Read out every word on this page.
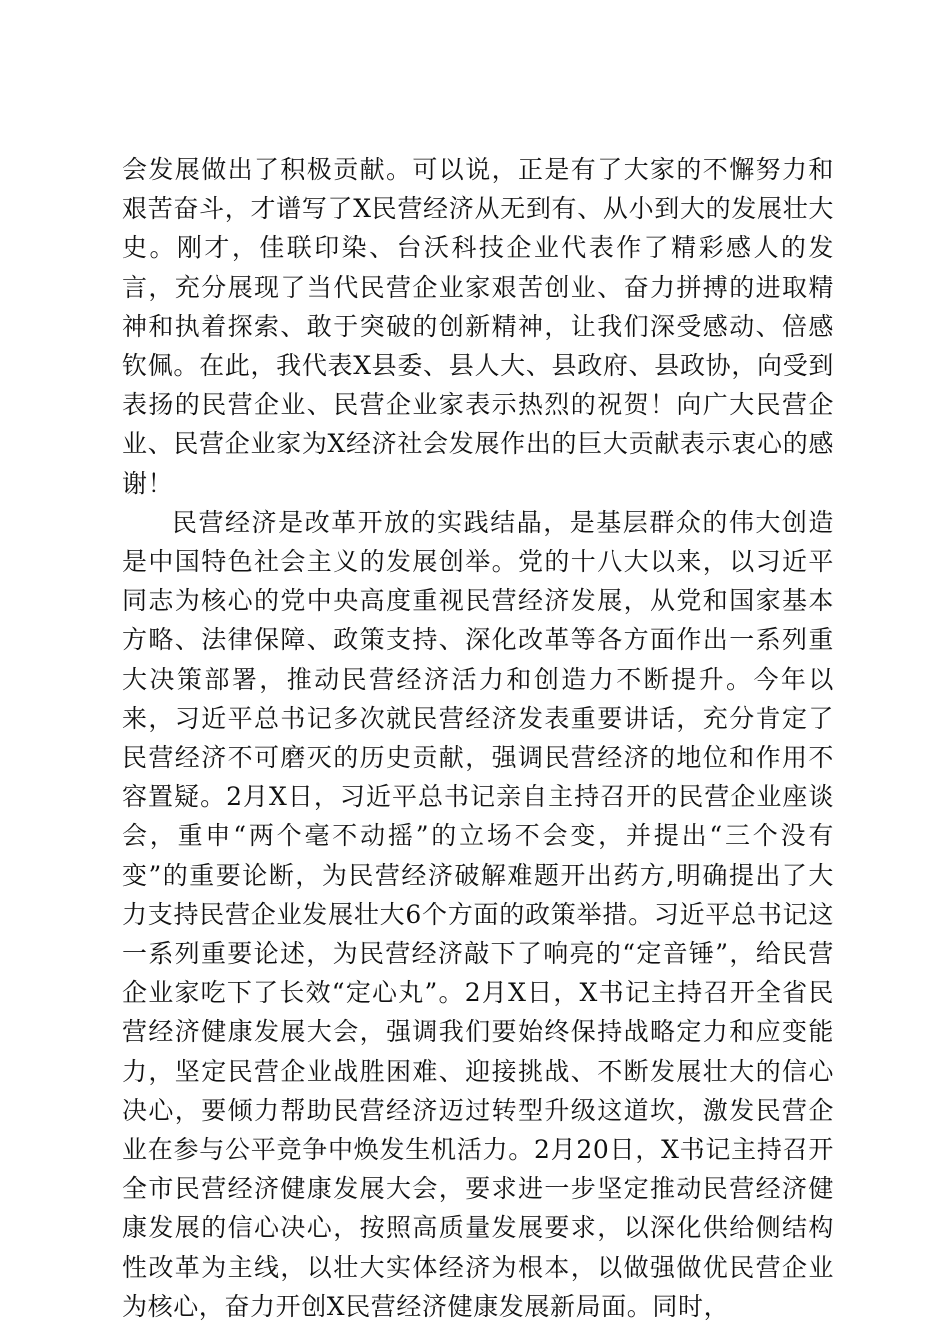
会发展做出了积极贡献。可以说，正是有了大家的不懈努力和艰苦奋斗，才谱写了X民营经济从无到有、从小到大的发展壮大史。刚才，佳联印染、台沃科技企业代表作了精彩感人的发言，充分展现了当代民营企业家艰苦创业、奋力拼搏的进取精神和执着探索、敢于突破的创新精神，让我们深受感动、倍感钦佩。在此，我代表X县委、县人大、县政府、县政协，向受到表扬的民营企业、民营企业家表示热烈的祝贺！向广大民营企业、民营企业家为X经济社会发展作出的巨大贡献表示衷心的感谢！

民营经济是改革开放的实践结晶，是基层群众的伟大创造是中国特色社会主义的发展创举。党的十八大以来，以习近平同志为核心的党中央高度重视民营经济发展，从党和国家基本方略、法律保障、政策支持、深化改革等各方面作出一系列重大决策部署，推动民营经济活力和创造力不断提升。今年以来，习近平总书记多次就民营经济发表重要讲话，充分肯定了民营经济不可磨灭的历史贡献，强调民营经济的地位和作用不容置疑。2月X日，习近平总书记亲自主持召开的民营企业座谈会，重申“两个毫不动摇”的立场不会变，并提出“三个没有变”的重要论断，为民营经济破解难题开出药方,明确提出了大力支持民营企业发展壮大6个方面的政策举措。习近平总书记这一系列重要论述，为民营经济敲下了响亮的“定音锤”，给民营企业家吃下了长效“定心丸”。2月X日，X书记主持召开全省民营经济健康发展大会，强调我们要始终保持战略定力和应变能力，坚定民营企业战胜困难、迎接挑战、不断发展壮大的信心决心，要倾力帮助民营经济迈过转型升级这道坎，激发民营企业在参与公平竞争中焕发生机活力。2月20日，X书记主持召开全市民营经济健康发展大会，要求进一步坚定推动民营经济健康发展的信心决心，按照高质量发展要求，以深化供给侧结构性改革为主线，以壮大实体经济为根本，以做强做优民营企业为核心，奋力开创X民营经济健康发展新局面。同时，
